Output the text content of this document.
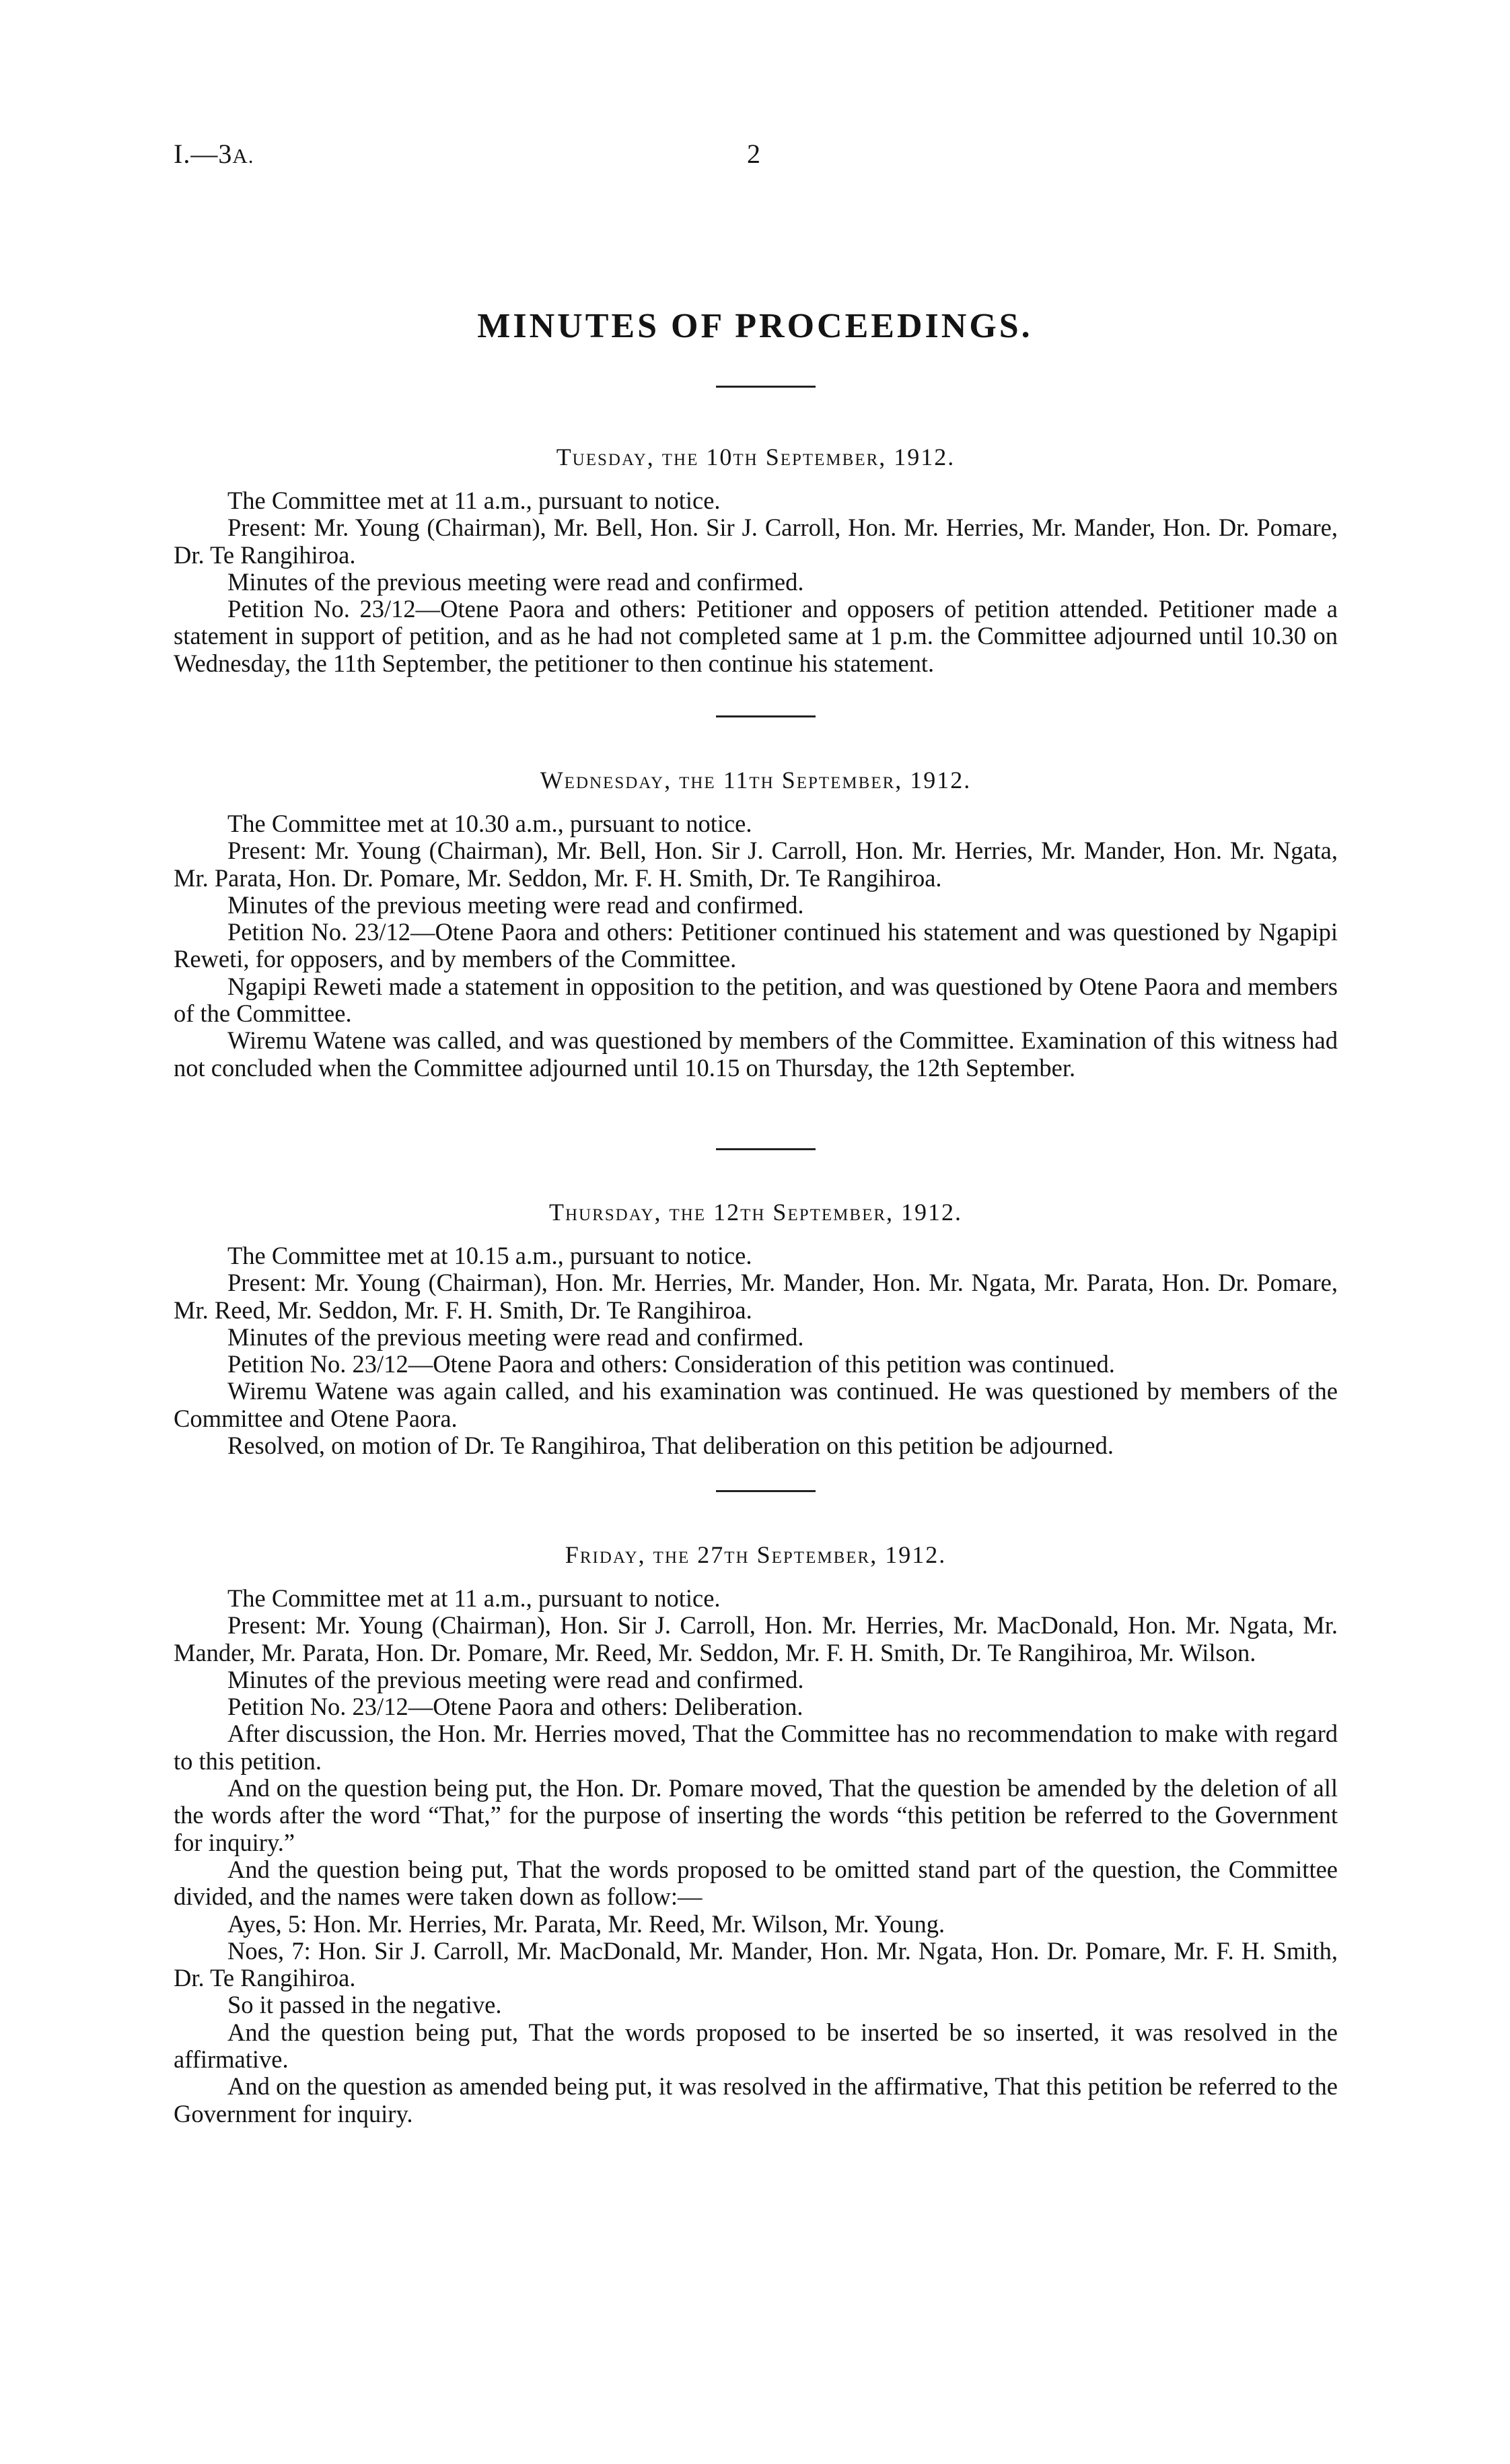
I.—3A.	2
MINUTES OF PROCEEDINGS.
Tuesday, the 10th September, 1912.

The Committee met at 11 a.m., pursuant to notice.

Present: Mr. Young (Chairman), Mr. Bell, Hon. Sir J. Carroll, Hon. Mr. Herries, Mr. Mander, Hon. Dr. Pomare, Dr. Te Rangihiroa.

Minutes of the previous meeting were read and confirmed.

Petition No. 23/12—Otene Paora and others: Petitioner and opposers of petition attended. Petitioner made a statement in support of petition, and as he had not completed same at 1 p.m. the Committee adjourned until 10.30 on Wednesday, the 11th September, the petitioner to then continue his statement.

Wednesday, the 11th September, 1912.

The Committee met at 10.30 a.m., pursuant to notice.

Present: Mr. Young (Chairman), Mr. Bell, Hon. Sir J. Carroll, Hon. Mr. Herries, Mr. Mander, Hon. Mr. Ngata, Mr. Parata, Hon. Dr. Pomare, Mr. Seddon, Mr. F. H. Smith, Dr. Te Rangihiroa.

Minutes of the previous meeting were read and confirmed.

Petition No. 23/12—Otene Paora and others: Petitioner continued his statement and was questioned by Ngapipi Reweti, for opposers, and by members of the Committee.

Ngapipi Reweti made a statement in opposition to the petition, and was questioned by Otene Paora and members of the Committee.

Wiremu Watene was called, and was questioned by members of the Committee. Examination of this witness had not concluded when the Committee adjourned until 10.15 on Thursday, the 12th September.

Thursday, the 12th September, 1912.

The Committee met at 10.15 a.m., pursuant to notice.

Present: Mr. Young (Chairman), Hon. Mr. Herries, Mr. Mander, Hon. Mr. Ngata, Mr. Parata, Hon. Dr. Pomare, Mr. Reed, Mr. Seddon, Mr. F. H. Smith, Dr. Te Rangihiroa.

Minutes of the previous meeting were read and confirmed.

Petition No. 23/12—Otene Paora and others: Consideration of this petition was continued.

Wiremu Watene was again called, and his examination was continued. He was questioned by members of the Committee and Otene Paora.

Resolved, on motion of Dr. Te Rangihiroa, That deliberation on this petition be adjourned.

Friday, the 27th September, 1912.

The Committee met at 11 a.m., pursuant to notice.

Present: Mr. Young (Chairman), Hon. Sir J. Carroll, Hon. Mr. Herries, Mr. MacDonald, Hon. Mr. Ngata, Mr. Mander, Mr. Parata, Hon. Dr. Pomare, Mr. Reed, Mr. Seddon, Mr. F. H. Smith, Dr. Te Rangihiroa, Mr. Wilson.

Minutes of the previous meeting were read and confirmed.

Petition No. 23/12—Otene Paora and others: Deliberation.

After discussion, the Hon. Mr. Herries moved, That the Committee has no recommendation to make with regard to this petition.

And on the question being put, the Hon. Dr. Pomare moved, That the question be amended by the deletion of all the words after the word “That,” for the purpose of inserting the words “this petition be referred to the Government for inquiry.”

And the question being put, That the words proposed to be omitted stand part of the question, the Committee divided, and the names were taken down as follow:—

Ayes, 5: Hon. Mr. Herries, Mr. Parata, Mr. Reed, Mr. Wilson, Mr. Young.

Noes, 7: Hon. Sir J. Carroll, Mr. MacDonald, Mr. Mander, Hon. Mr. Ngata, Hon. Dr. Pomare, Mr. F. H. Smith, Dr. Te Rangihiroa.

So it passed in the negative.

And the question being put, That the words proposed to be inserted be so inserted, it was resolved in the affirmative.

And on the question as amended being put, it was resolved in the affirmative, That this petition be referred to the Government for inquiry.
